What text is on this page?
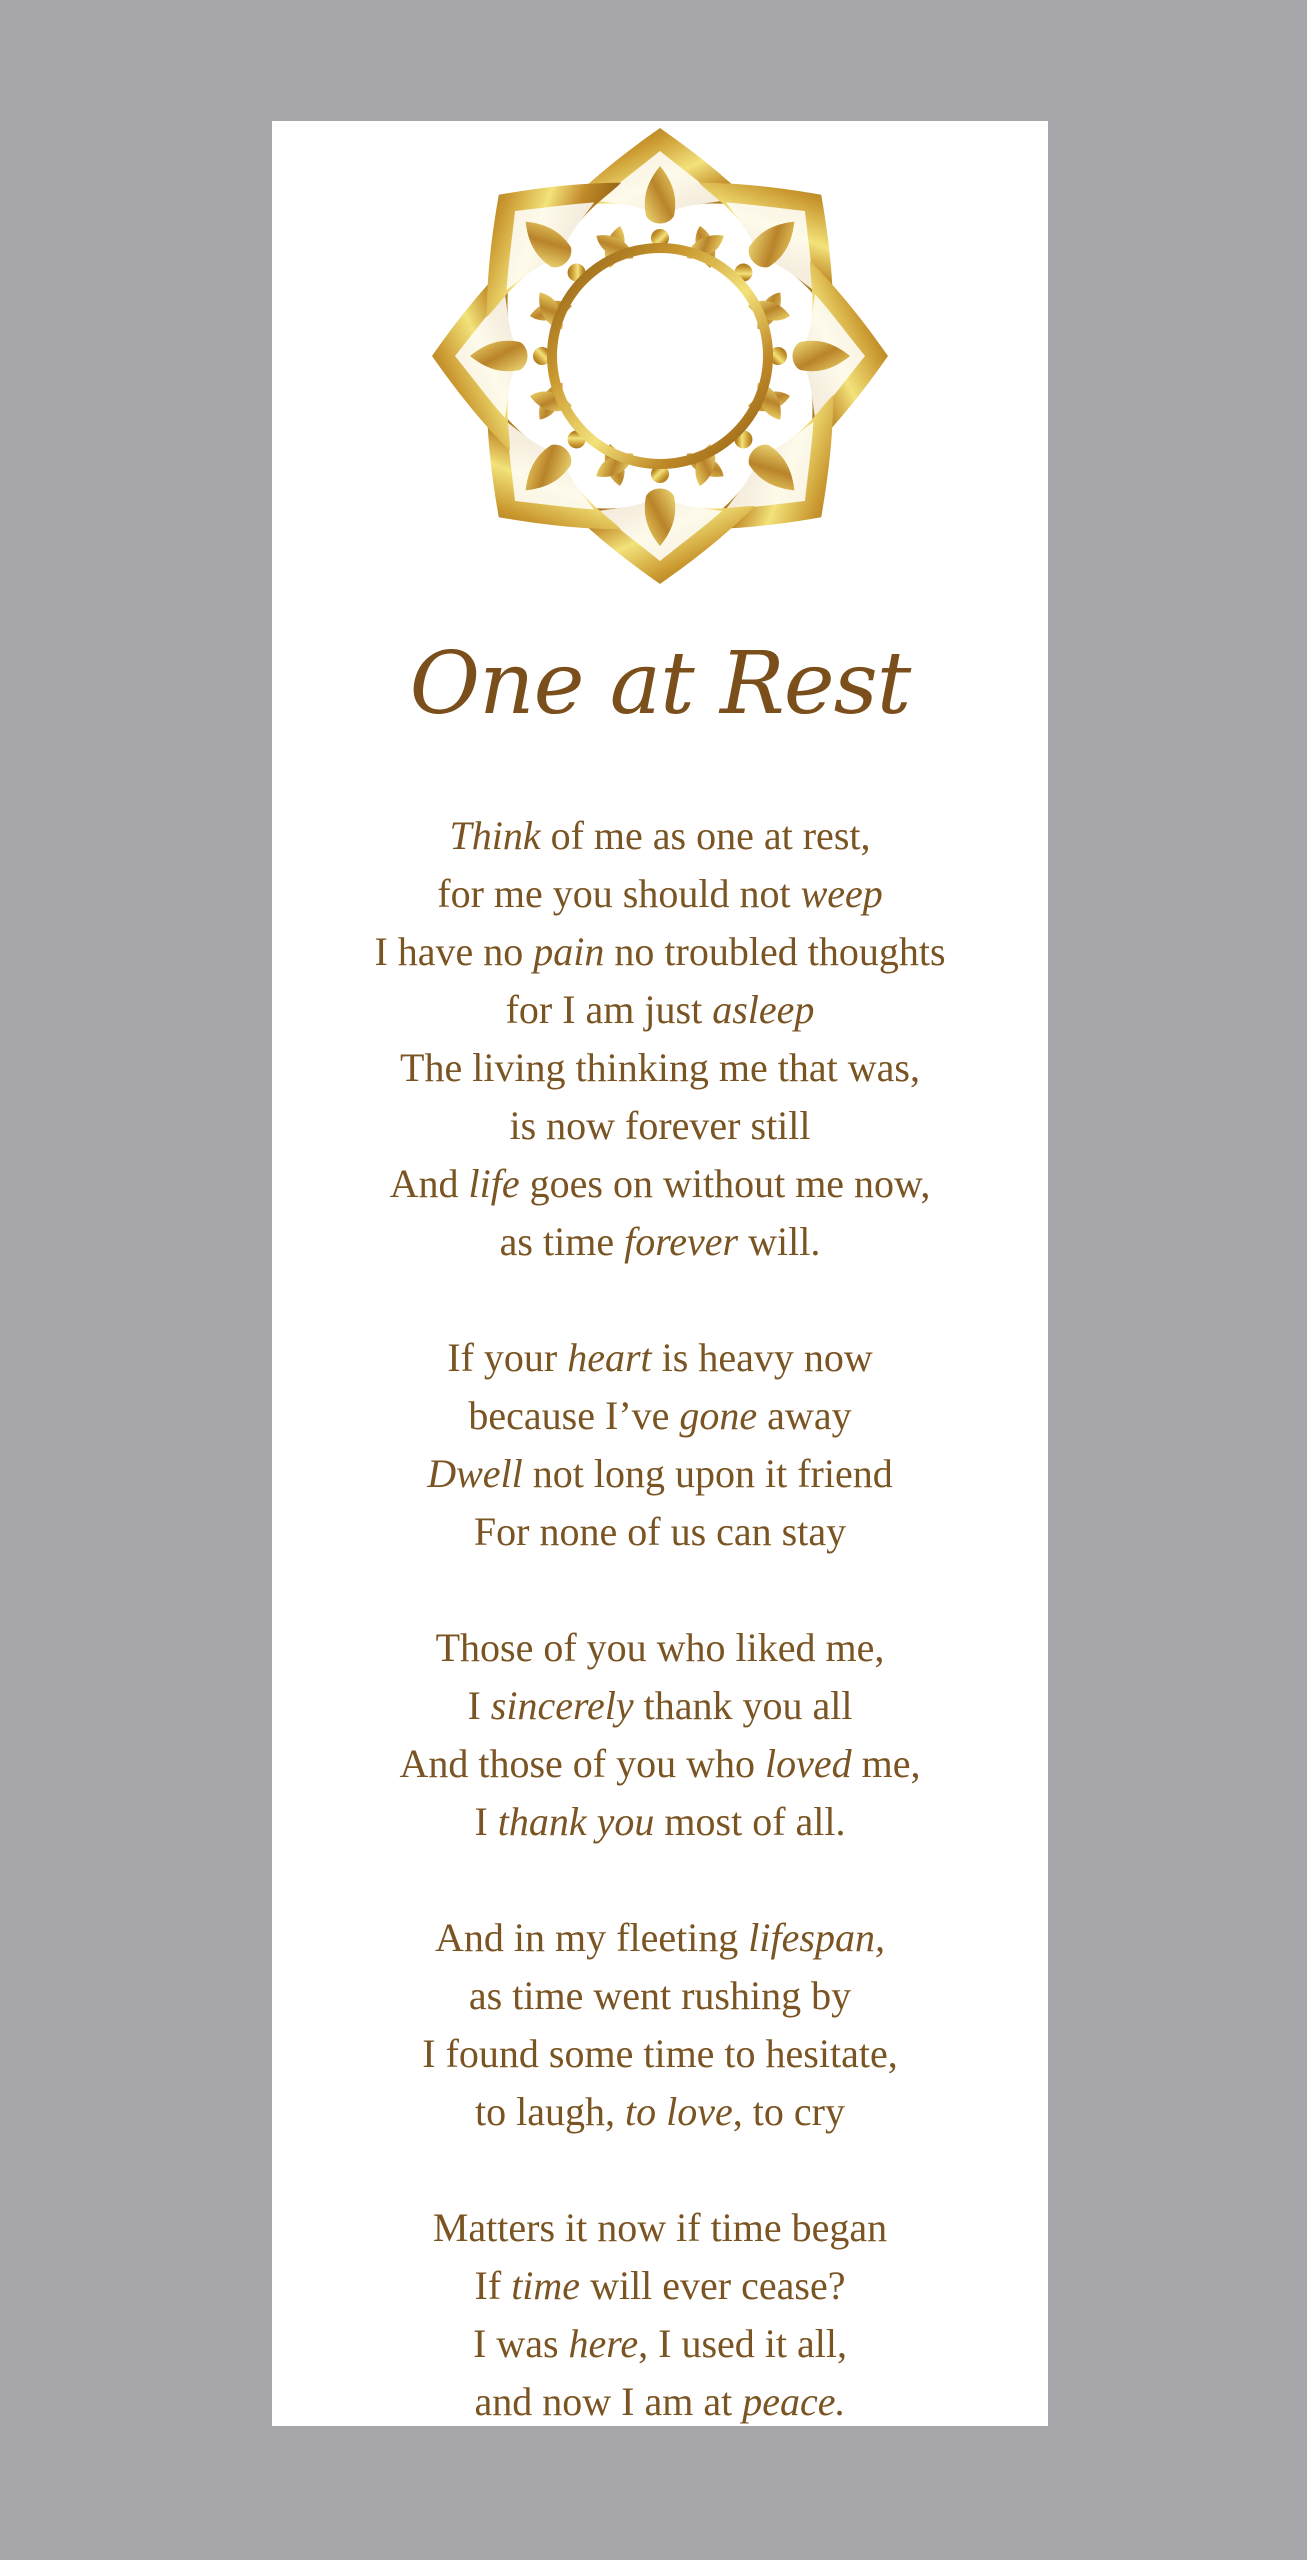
One at Rest
Think of me as one at rest,
for me you should not weep
I have no pain no troubled thoughts
for I am just asleep
The living thinking me that was,
is now forever still
And life goes on without me now,
as time forever will.
If your heart is heavy now
because I’ve gone away
Dwell not long upon it friend
For none of us can stay
Those of you who liked me,
I sincerely thank you all
And those of you who loved me,
I thank you most of all.
And in my fleeting lifespan,
as time went rushing by
I found some time to hesitate,
to laugh, to love, to cry
Matters it now if time began
If time will ever cease?
I was here, I used it all,
and now I am at peace.
